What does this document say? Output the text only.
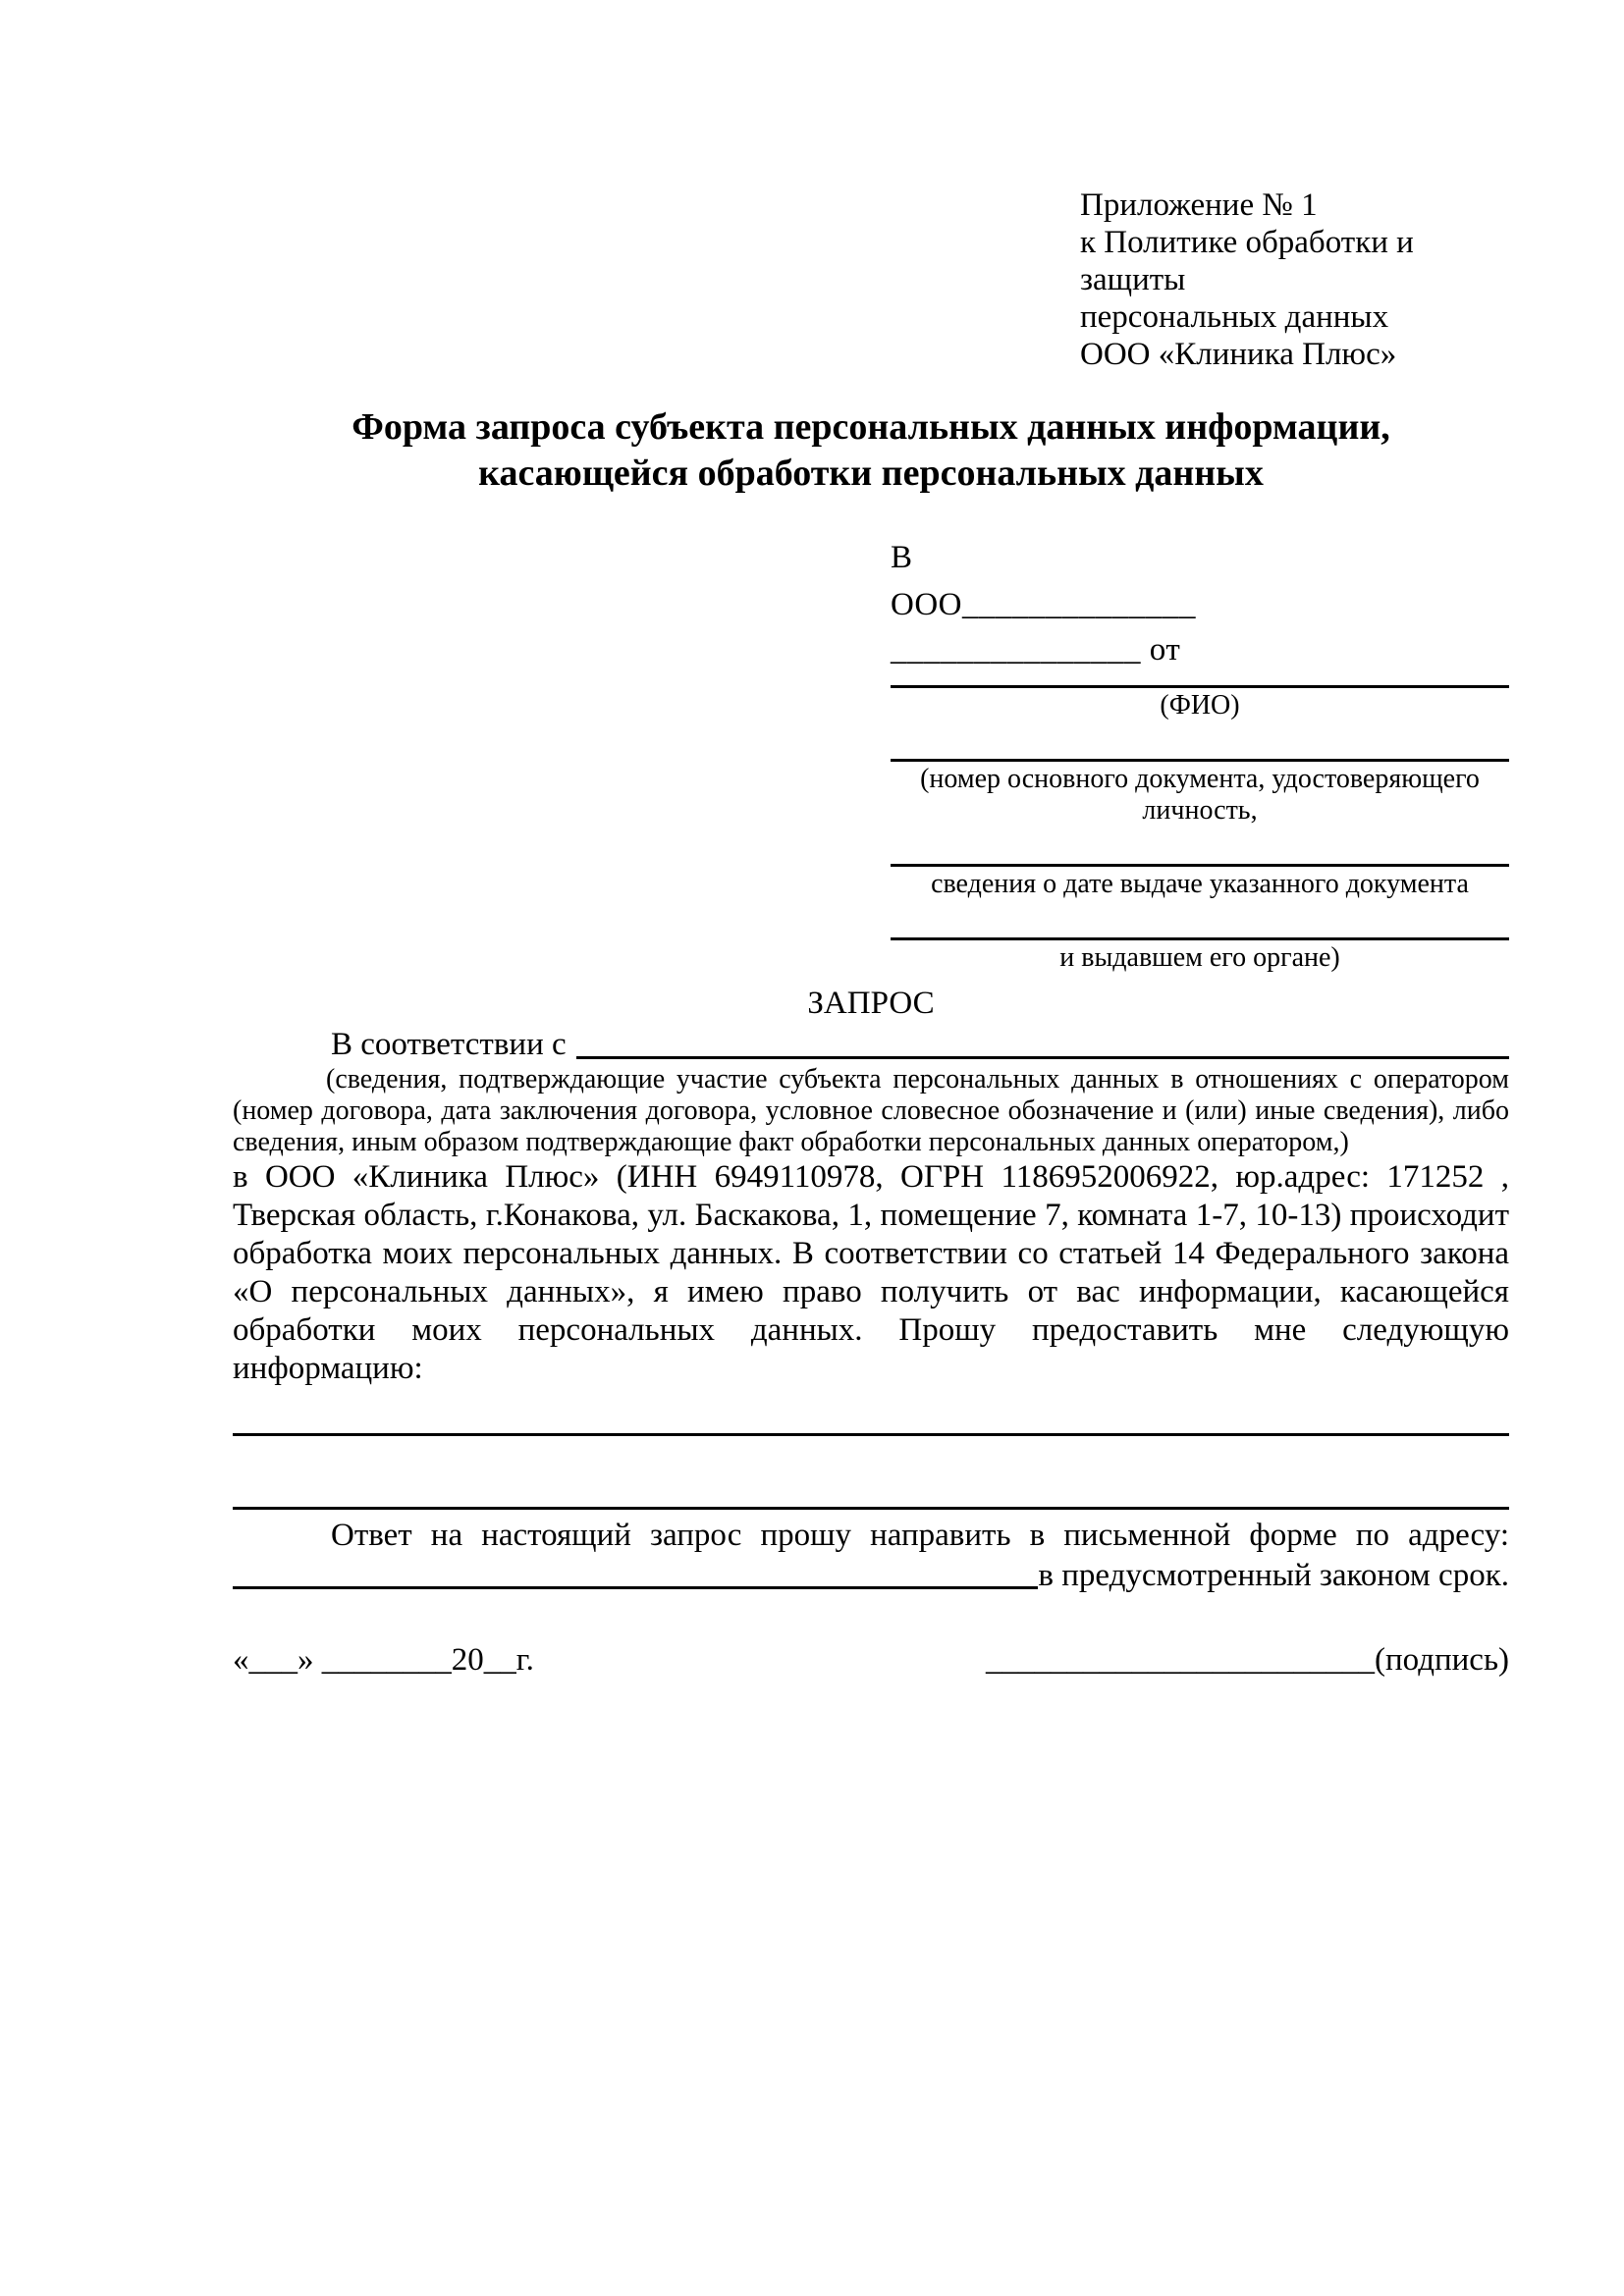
Приложение № 1
к Политике обработки и защиты
персональных данных
ООО «Клиника Плюс»
Форма запроса субъекта персональных данных информации,
касающейся обработки персональных данных
В
ООО______________
_______________ от
(ФИО)
(номер основного документа, удостоверяющего личность,
сведения о дате выдаче указанного документа
и выдавшем его органе)
ЗАПРОС
В соответствии с
(сведения, подтверждающие участие субъекта персональных данных в отношениях с оператором (номер договора, дата заключения договора, условное словесное обозначение и (или) иные сведения), либо сведения, иным образом подтверждающие факт обработки персональных данных оператором,)
в ООО «Клиника Плюс» (ИНН 6949110978, ОГРН 1186952006922, юр.адрес: 171252 , Тверская область, г.Конакова, ул. Баскакова, 1, помещение 7, комната 1-7, 10-13) происходит обработка моих персональных данных. В соответствии со статьей 14 Федерального закона «О персональных данных», я имею право получить от вас информации, касающейся обработки моих персональных данных. Прошу предоставить мне следующую информацию:
Ответ на настоящий запрос прошу направить в письменной форме по адресу:
в предусмотренный законом срок.
«___» ________20__г.	________________________(подпись)
